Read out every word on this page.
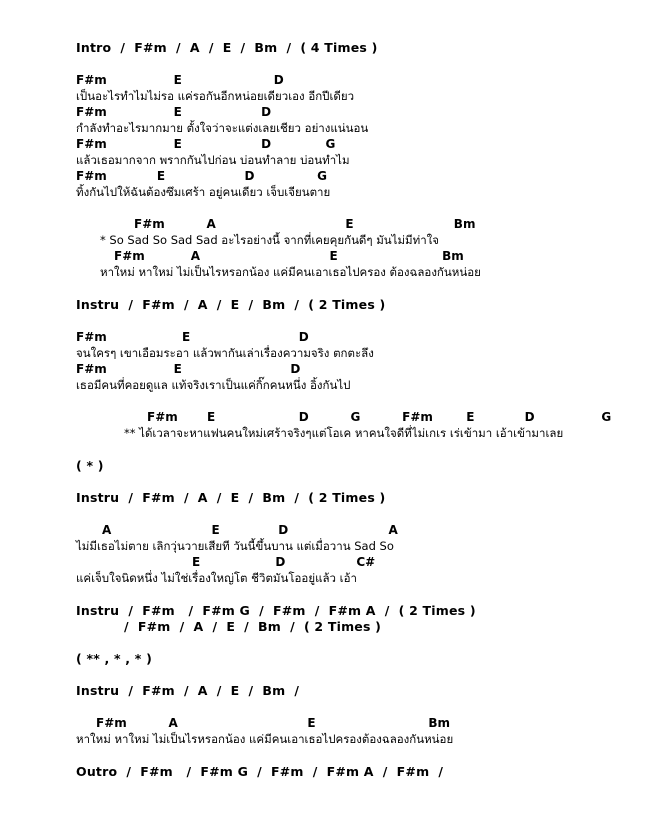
Intro  /  F#m  /  A  /  E  /  Bm  /  ( 4 Times )

F#m                E                      D

เป็นอะไรทำไมไม่รอ แค่รอกันอีกหน่อยเดียวเอง อีกปีเดียว

F#m                E                   D

กำลังทำอะไรมากมาย ตั้งใจว่าจะแต่งเลยเชียว อย่างแน่นอน

F#m                E                   D             G

แล้วเธอมากจาก พรากกันไปก่อน บ่อนทำลาย บ่อนทำไม

F#m            E                   D               G

ทิ้งกันไปให้ฉันต้องซึมเศร้า อยู่คนเดียว เจ็บเจียนตาย

F#m          A                               E                        Bm

* So Sad So Sad Sad อะไรอย่างนี้ จากที่เคยคุยกันดีๆ มันไม่มีท่าใจ

F#m           A                               E                         Bm

หาใหม่ หาใหม่ ไม่เป็นไรหรอกน้อง แค่มีคนเอาเธอไปครอง ต้องฉลองกันหน่อย

Instru  /  F#m  /  A  /  E  /  Bm  /  ( 2 Times )

F#m                  E                          D

จนใครๆ เขาเอือมระอา แล้วพากันเล่าเรื่องความจริง ตกตะลึง

F#m                E                          D

เธอมีคนที่คอยดูแล แท้จริงเราเป็นแค่กิ๊กคนหนึ่ง อิ้งกันไป

F#m       E                    D          G          F#m        E            D                G

** ได้เวลาจะหาแฟนคนใหม่เศร้าจริงๆแต่โอเค หาคนใจดีที่ไม่เกเร เร่เข้ามา เอ้าเข้ามาเลย

( * )

Instru  /  F#m  /  A  /  E  /  Bm  /  ( 2 Times )

A                        E              D                        A

ไม่มีเธอไม่ตาย เลิกวุ่นวายเสียที วันนี้ขึ้นบาน แต่เมื่อวาน Sad So

E                  D                 C#

แค่เจ็บใจนิดหนึ่ง ไม่ใช่เรื่องใหญ่โต ชีวิตมันโออยู่แล้ว เอ้า

Instru  /  F#m   /  F#m G  /  F#m  /  F#m A  /  ( 2 Times )

/  F#m  /  A  /  E  /  Bm  /  ( 2 Times )

( ** , * , * )

Instru  /  F#m  /  A  /  E  /  Bm  /

F#m          A                               E                           Bm

หาใหม่ หาใหม่ ไม่เป็นไรหรอกน้อง แค่มีคนเอาเธอไปครองต้องฉลองกันหน่อย

Outro  /  F#m   /  F#m G  /  F#m  /  F#m A  /  F#m  /
